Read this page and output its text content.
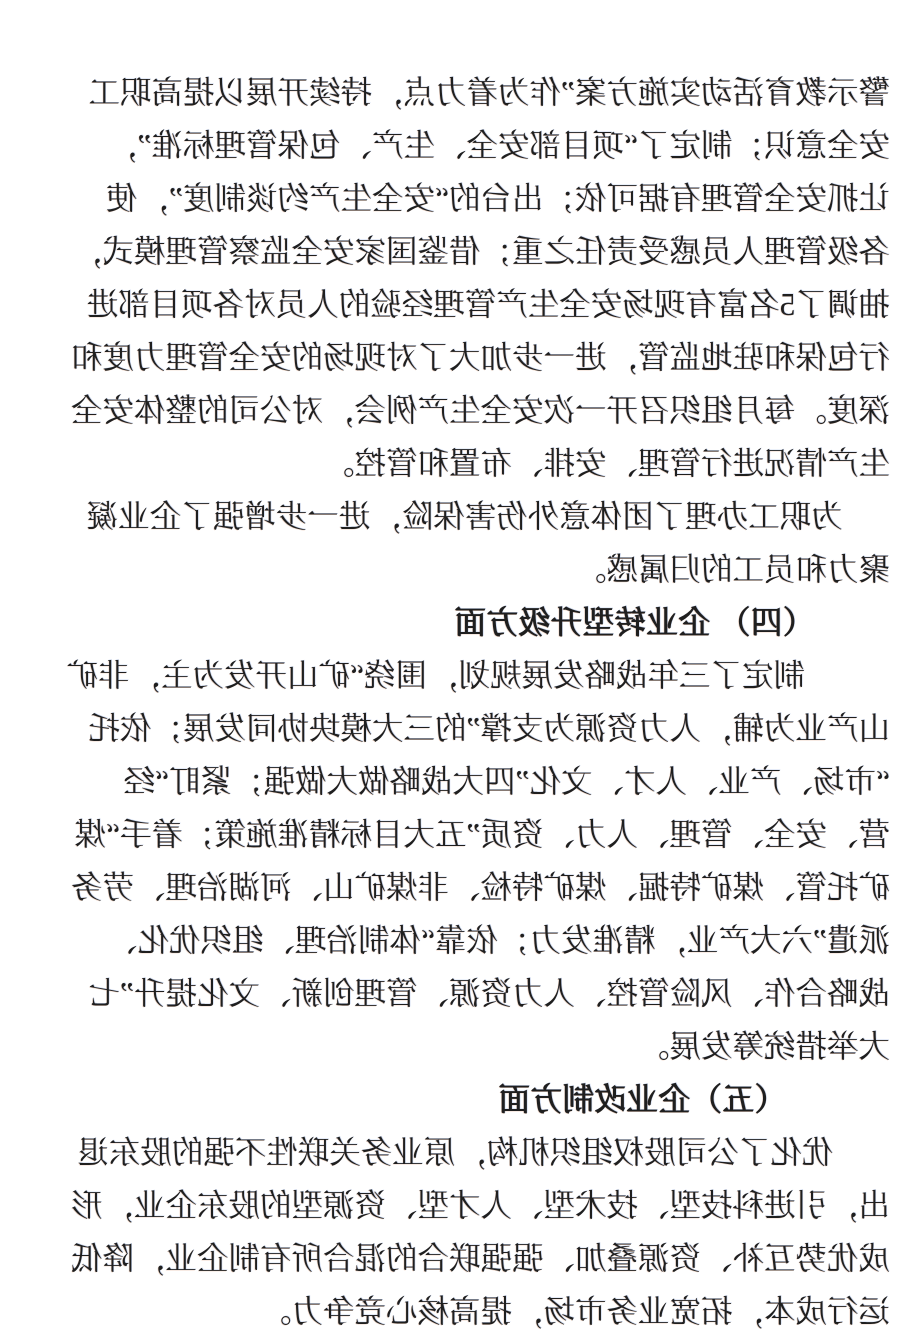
警示教育活动实施方案”作为着力点，持续开展以提高职工
安全意识；制定了“项目部安全、生产、包保管理标准”，
让抓安全管理有据可依；出台的“安全生产约谈制度”，使
各级管理人员感受责任之重；借鉴国家安全监察管理模式，
抽调了5名富有现场安全生产管理经验的人员对各项目部进
行包保和驻地监管，进一步加大了对现场的安全管理力度和
深度。每月组织召开一次安全生产例会，对公司的整体安全
生产情况进行管理、安排、布置和管控。
为职工办理了团体意外伤害保险，进一步增强了企业凝
聚力和员工的归属感。
（四） 企业转型升级方面
制定了三年战略发展规划，围绕“矿山开发为主，非矿
山产业为辅，人力资源为支撑”的三大模块协同发展；依托
“市场、产业、人才、文化”四大战略做大做强；紧盯“经
营、安全、管理、人力、资质”五大目标精准施策；着手“煤
矿托管、煤矿特掘、煤矿特检、非煤矿山、河湖治理、劳务
派遣”六大产业，精准发力；依靠“体制治理、组织优化、
战略合作、风险管控、人力资源、管理创新、文化提升”七
大举措统筹发展。
（五）企业改制方面
优化了公司股权组织机构，原业务关联性不强的股东退
出，引进科技型、技术型、人才型、资源型的股东企业，形
成优势互补、资源叠加、强强联合的混合所有制企业，降低
运行成本，拓宽业务市场，提高核心竞争力。
